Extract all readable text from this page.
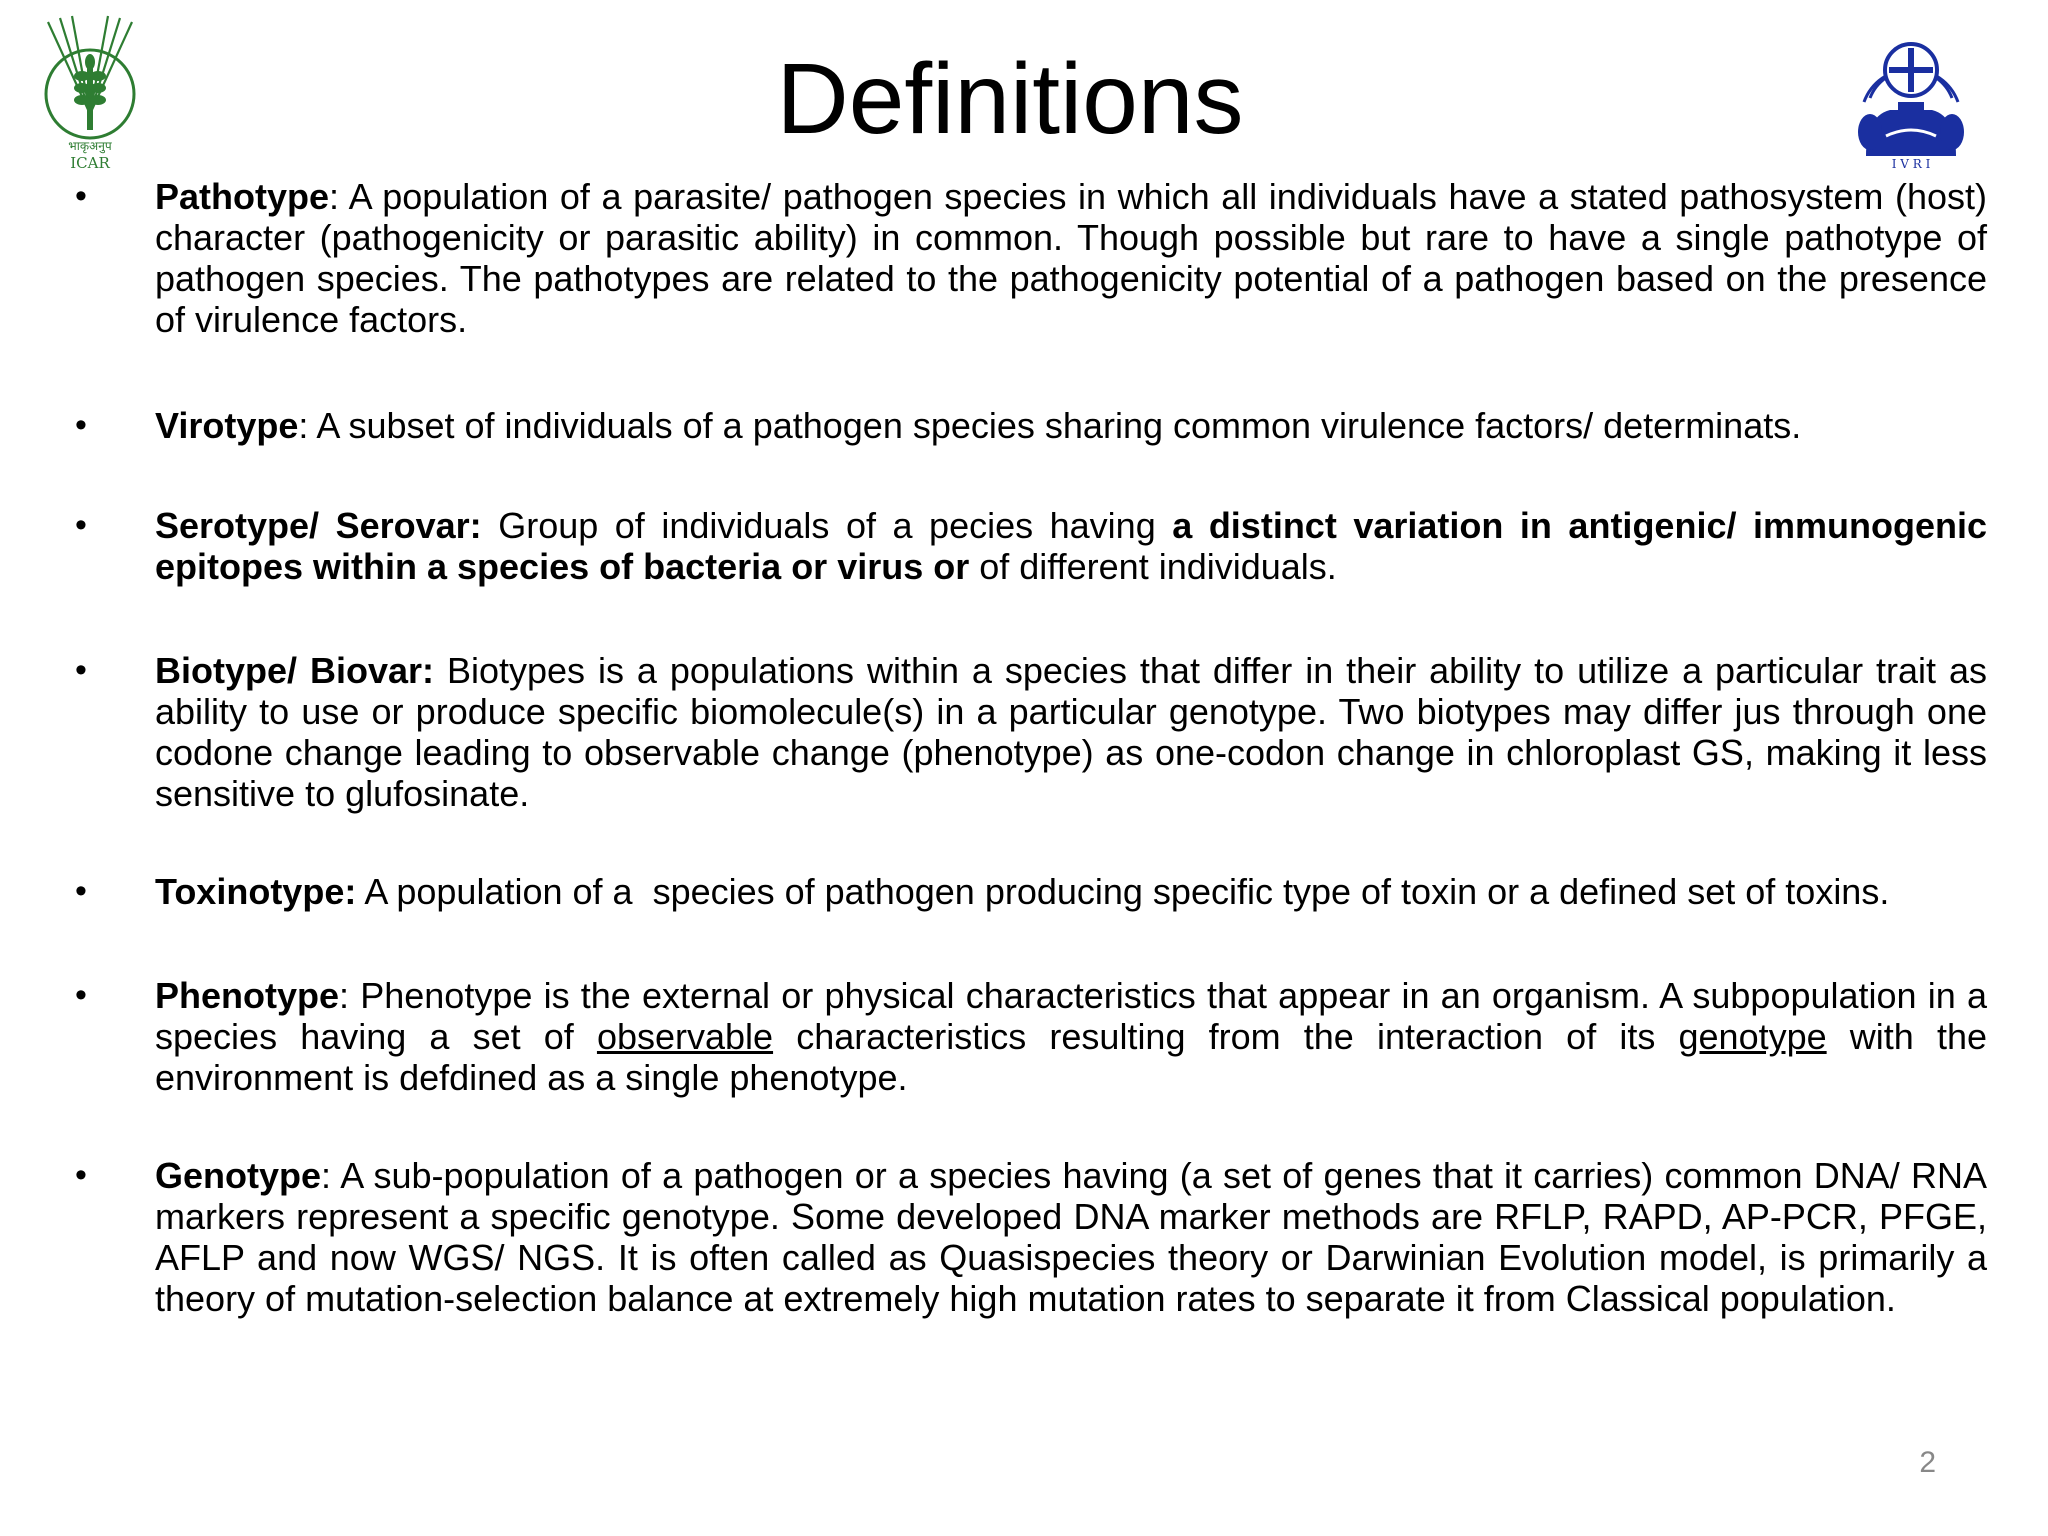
भाकृअनुप
ICAR
Definitions
I V R I
• Pathotype: A population of a parasite/ pathogen species in which all individuals have a stated pathosystem (host) character (pathogenicity or parasitic ability) in common. Though possible but rare to have a single pathotype of pathogen species. The pathotypes are related to the pathogenicity potential of a pathogen based on the presence of virulence factors.
• Virotype: A subset of individuals of a pathogen species sharing common virulence factors/ determinats.
• Serotype/ Serovar: Group of individuals of a pecies having a distinct variation in antigenic/ immunogenic epitopes within a species of bacteria or virus or of different individuals.
• Biotype/ Biovar: Biotypes is a populations within a species that differ in their ability to utilize a particular trait as ability to use or produce specific biomolecule(s) in a particular genotype. Two biotypes may differ jus through one codone change leading to observable change (phenotype) as one-codon change in chloroplast GS, making it less sensitive to glufosinate.
• Toxinotype: A population of a  species of pathogen producing specific type of toxin or a defined set of toxins.
• Phenotype: Phenotype is the external or physical characteristics that appear in an organism. A subpopulation in a species having a set of observable characteristics resulting from the interaction of its genotype with the environment is defdined as a single phenotype.
• Genotype: A sub-population of a pathogen or a species having (a set of genes that it carries) common DNA/ RNA markers represent a specific genotype. Some developed DNA marker methods are RFLP, RAPD, AP-PCR, PFGE, AFLP and now WGS/ NGS. It is often called as Quasispecies theory or Darwinian Evolution model, is primarily a theory of mutation-selection balance at extremely high mutation rates to separate it from Classical population.
2
